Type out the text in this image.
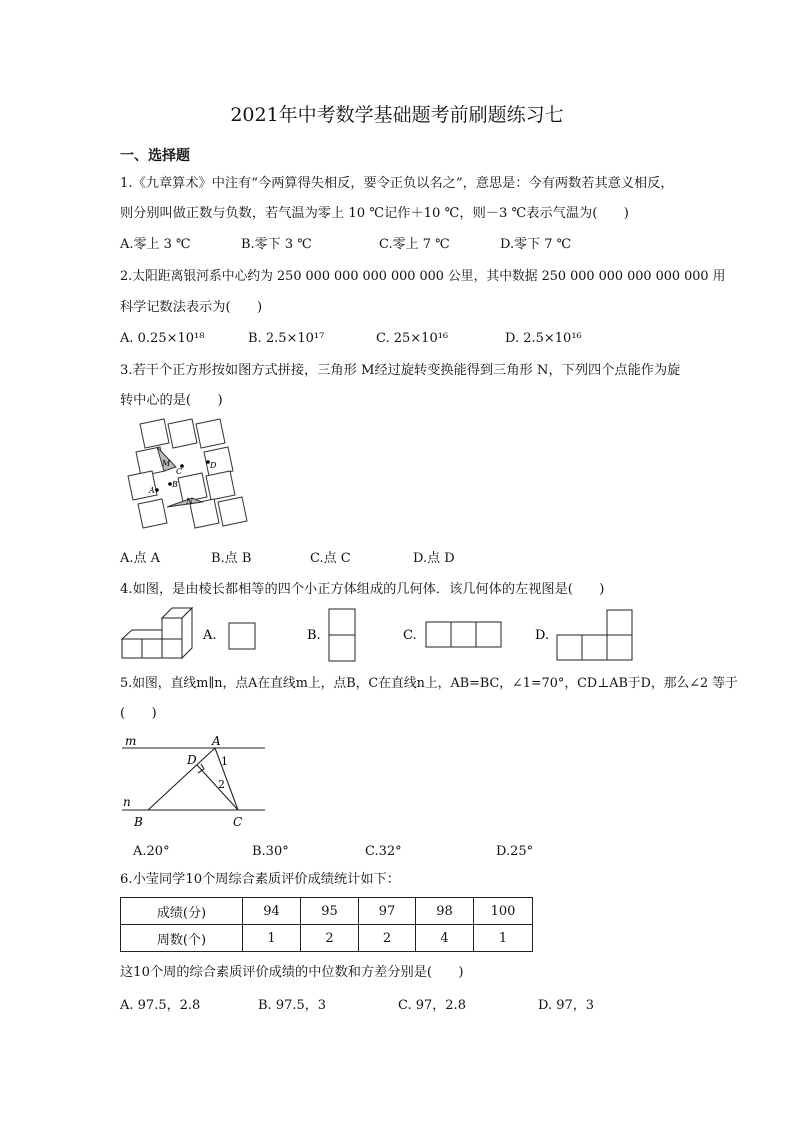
2021年中考数学基础题考前刷题练习七
一、选择题
1.《九章算术》中注有“今两算得失相反，要令正负以名之”，意思是：今有两数若其意义相反，
则分别叫做正数与负数，若气温为零上 10 ℃记作＋10 ℃，则－3 ℃表示气温为(　　)
A.零上 3 ℃	B.零下 3 ℃	C.零上 7 ℃	D.零下 7 ℃
2.太阳距离银河系中心约为 250 000 000 000 000 000 公里，其中数据 250 000 000 000 000 000 用
科学记数法表示为(　　)
A. 0.25×10¹⁸	B. 2.5×10¹⁷	C. 25×10¹⁶	D. 2.5×10¹⁶
3.若干个正方形按如图方式拼接，三角形 M经过旋转变换能得到三角形 N，下列四个点能作为旋
转中心的是(　　)
M
C
D
A
B
N
A.点 A	B.点 B	C.点 C	D.点 D
4.如图，是由棱长都相等的四个小正方体组成的几何体．该几何体的左视图是(　　)
A.	B.	C.	D.
5.如图，直线m∥n，点A在直线m上，点B，C在直线n上，AB=BC，∠1=70°，CD⊥AB于D，那么∠2 等于
(　　)
m	A
D 1
2
n
B	C
A.20°	B.30°	C.32°	D.25°
6.小莹同学10个周综合素质评价成绩统计如下：
成绩(分)	94	95	97	98	100
周数(个)	1	2	2	4	1
这10个周的综合素质评价成绩的中位数和方差分别是(　　)
A. 97.5，2.8	B. 97.5，3	C. 97，2.8	D. 97，3
